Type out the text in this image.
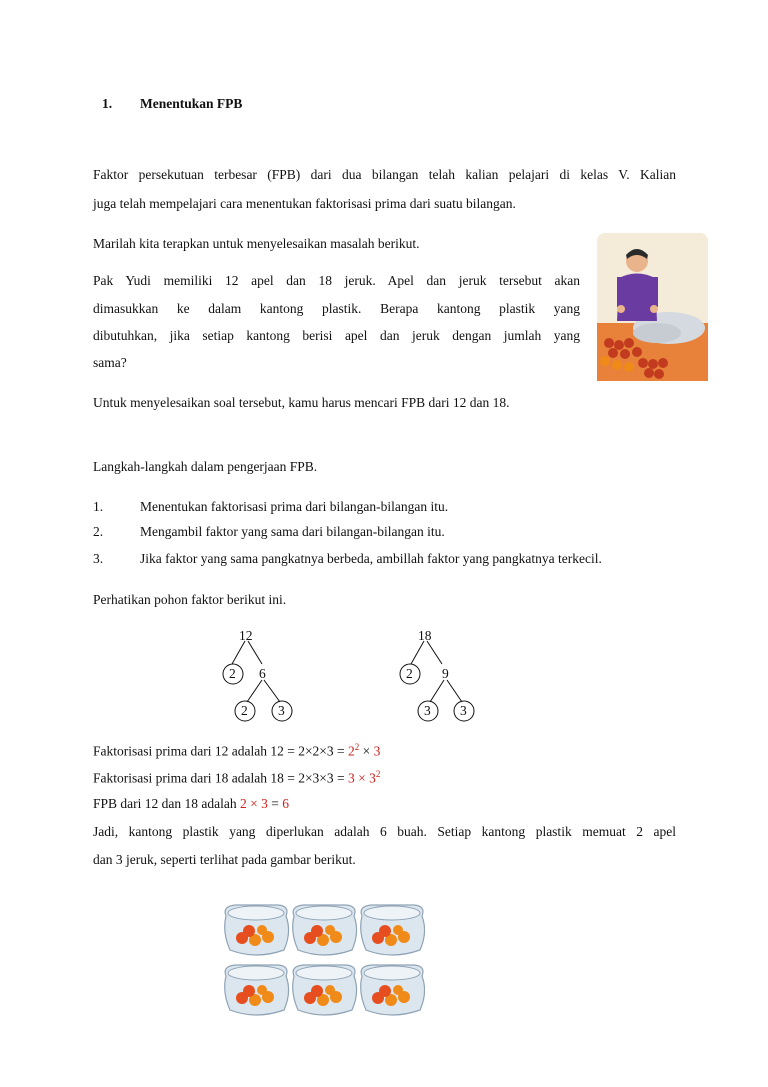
1. Menentukan FPB
Faktor persekutuan terbesar (FPB) dari dua bilangan telah kalian pelajari di kelas V. Kalian
juga telah mempelajari cara menentukan faktorisasi prima dari suatu bilangan.
Marilah kita terapkan untuk menyelesaikan masalah berikut.
Pak Yudi memiliki 12 apel dan 18 jeruk. Apel dan jeruk tersebut akan
dimasukkan ke dalam kantong plastik. Berapa kantong plastik yang
dibutuhkan, jika setiap kantong berisi apel dan jeruk dengan jumlah yang
sama?
Untuk menyelesaikan soal tersebut, kamu harus mencari FPB dari 12 dan 18.
Langkah-langkah dalam pengerjaan FPB.
1.	Menentukan faktorisasi prima dari bilangan-bilangan itu.
2.	Mengambil faktor yang sama dari bilangan-bilangan itu.
3.	Jika faktor yang sama pangkatnya berbeda, ambillah faktor yang pangkatnya terkecil.
Perhatikan pohon faktor berikut ini.
12
2 6
2 3
18
2 9
3 3
Faktorisasi prima dari 12 adalah $12 = 2\times 2\times 3 = 2^2 \times 3$
Faktorisasi prima dari 18 adalah $18 = 2\times 3\times 3 = 3 \times 3^2$
FPB dari 12 dan 18 adalah 2 × 3 = 6
Jadi, kantong plastik yang diperlukan adalah 6 buah. Setiap kantong plastik memuat 2 apel
dan 3 jeruk, seperti terlihat pada gambar berikut.
